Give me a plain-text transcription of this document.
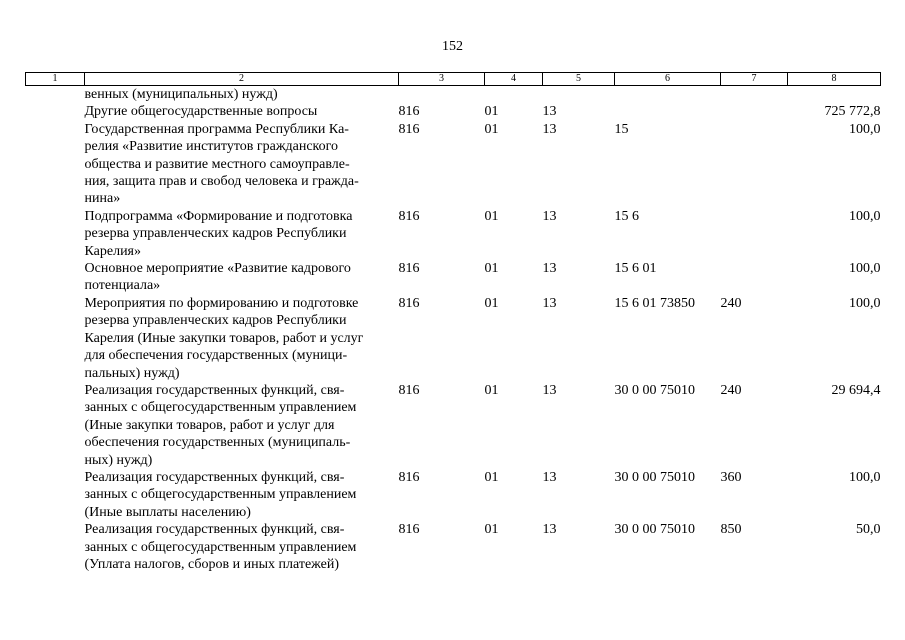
152
1	2	3	4	5	6	7	8
	венных (муниципальных) нужд)						
	Другие общегосударственные вопросы	816	01	13			725 772,8
	Государственная программа Республики Ка-
релия «Развитие институтов гражданского
общества и развитие местного самоуправле-
ния, защита прав и свобод человека и гражда-
нина»	816	01	13	15		100,0
	Подпрограмма «Формирование и подготовка
резерва управленческих кадров Республики
Карелия»	816	01	13	15 6		100,0
	Основное мероприятие «Развитие кадрового
потенциала»	816	01	13	15 6 01		100,0
	Мероприятия по формированию и подготовке
резерва управленческих кадров Республики
Карелия (Иные закупки товаров, работ и услуг
для обеспечения государственных (муници-
пальных) нужд)	816	01	13	15 6 01 73850	240	100,0
	Реализация государственных функций, свя-
занных с общегосударственным управлением
(Иные закупки товаров, работ и услуг для
обеспечения государственных (муниципаль-
ных) нужд)	816	01	13	30 0 00 75010	240	29 694,4
	Реализация государственных функций, свя-
занных с общегосударственным управлением
(Иные выплаты населению)	816	01	13	30 0 00 75010	360	100,0
	Реализация государственных функций, свя-
занных с общегосударственным управлением
(Уплата налогов, сборов и иных платежей)	816	01	13	30 0 00 75010	850	50,0
